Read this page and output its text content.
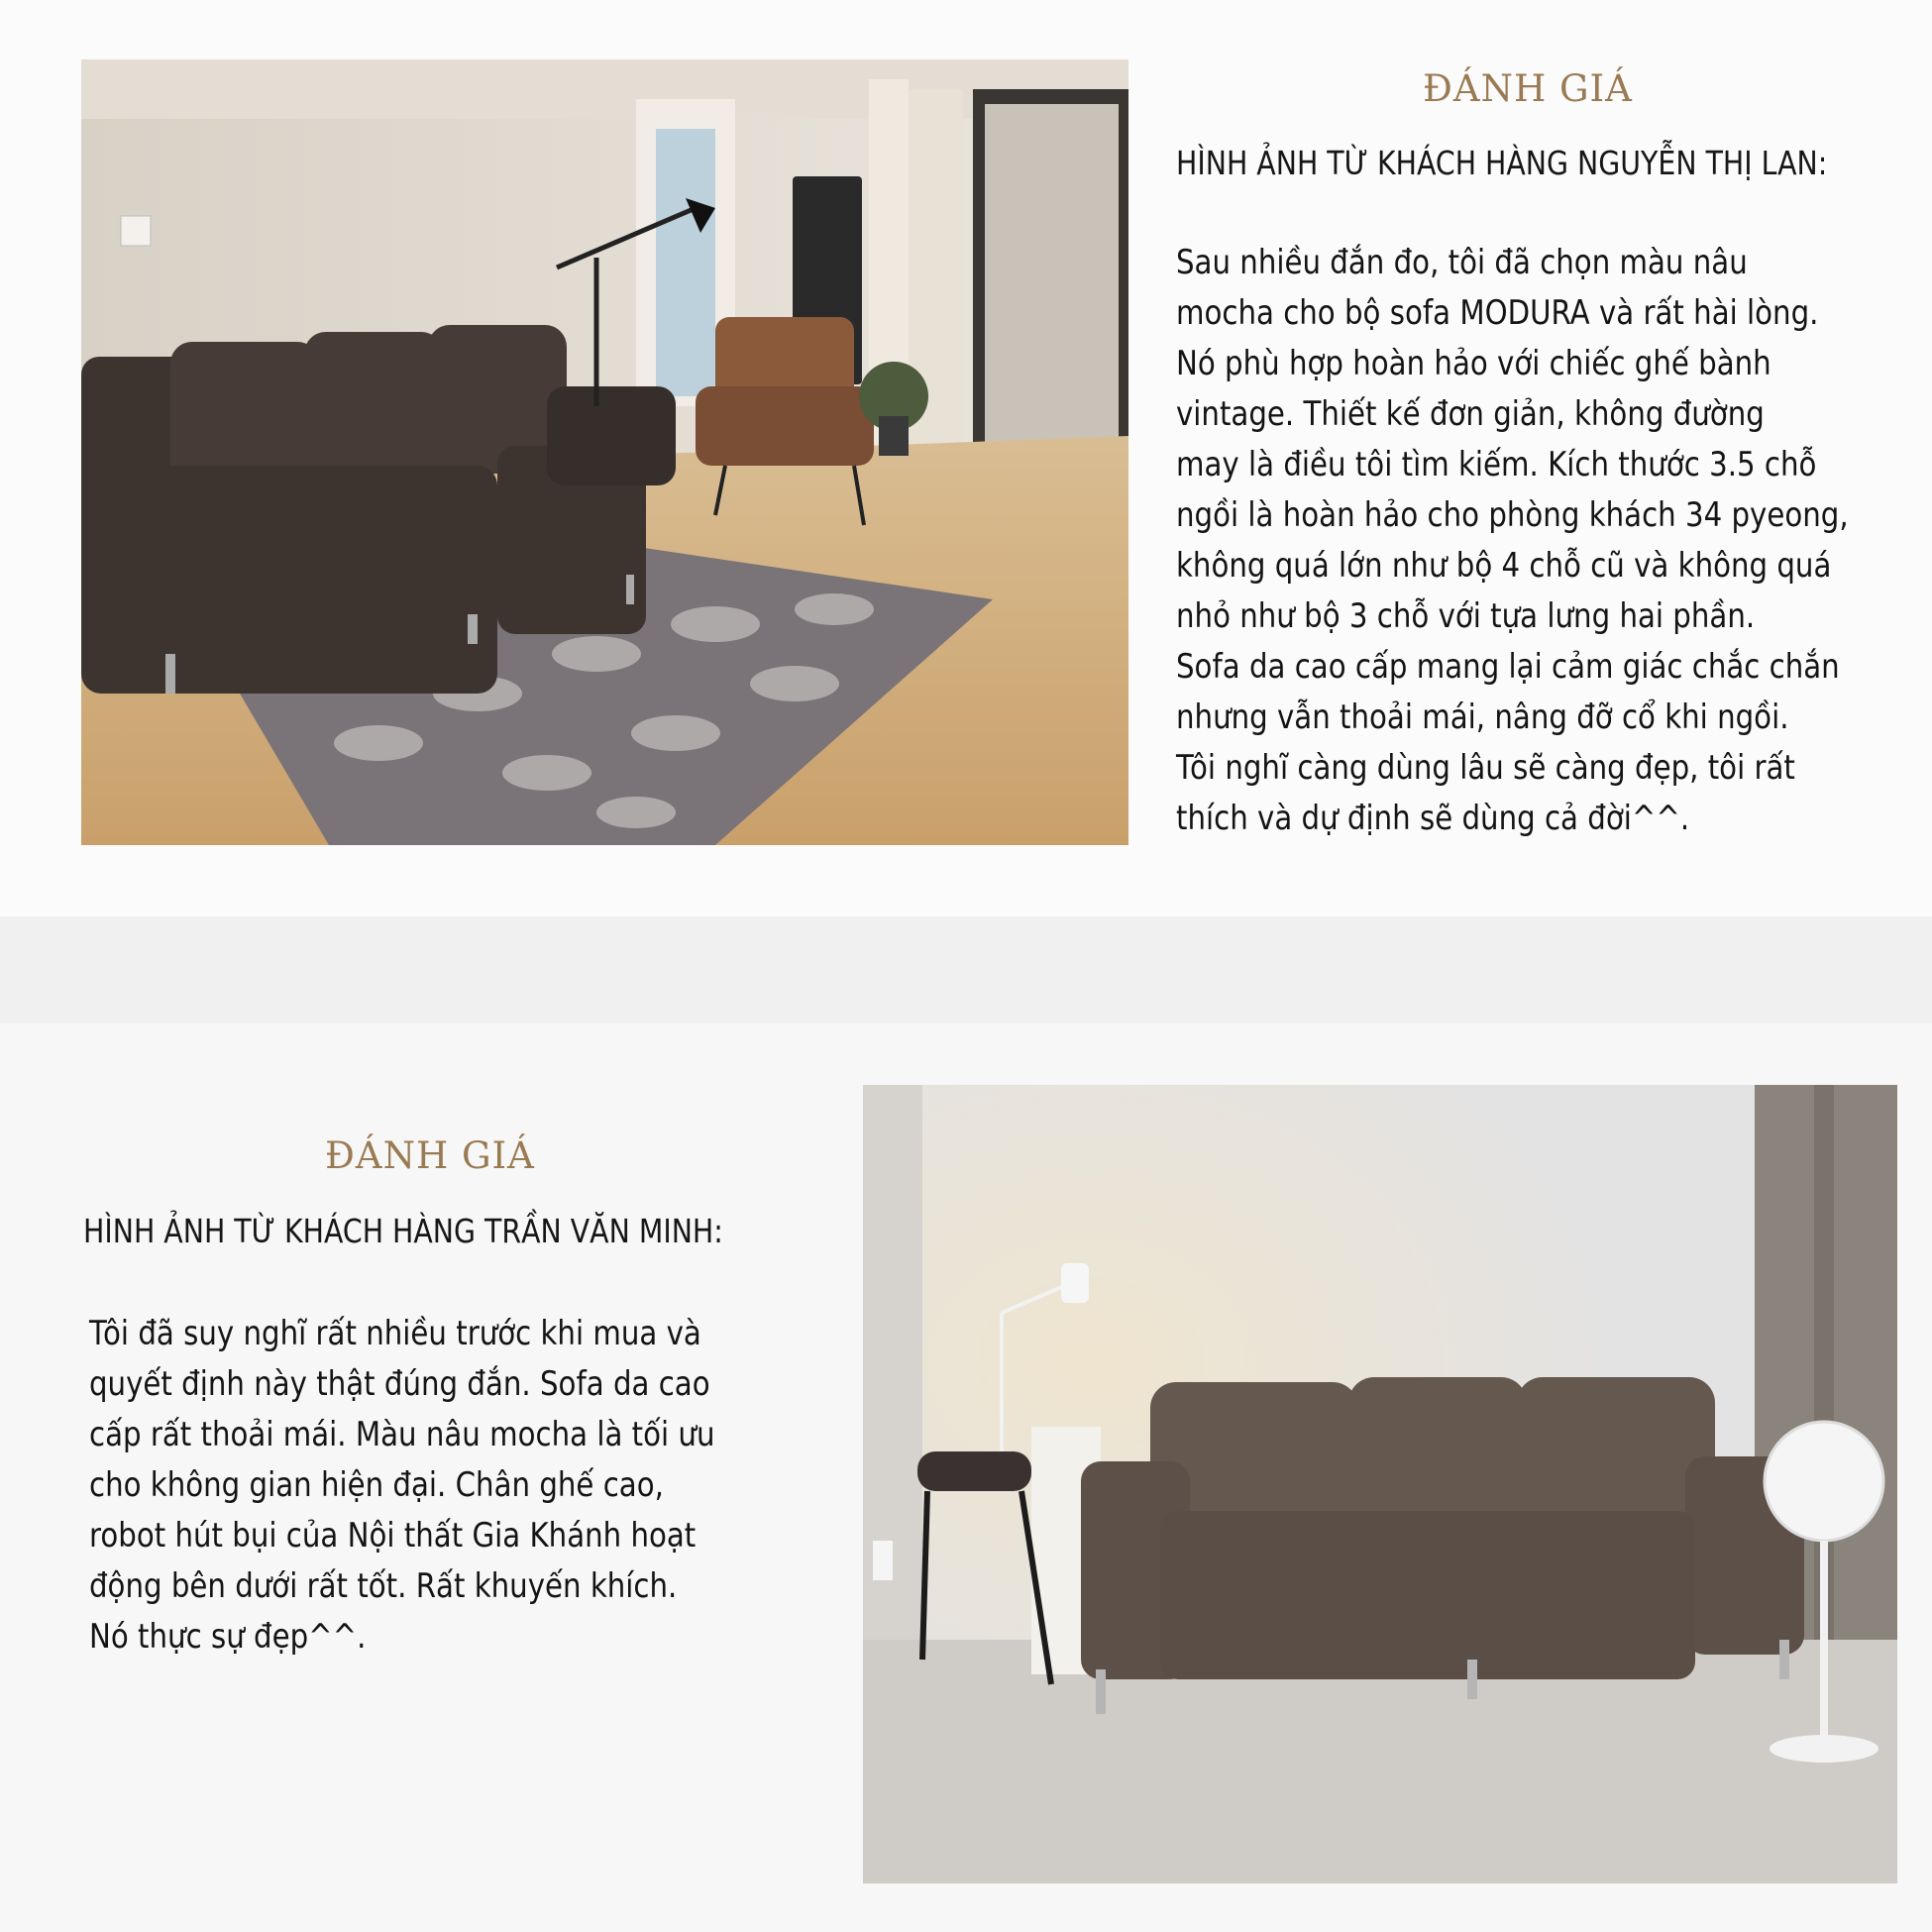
ĐÁNH GIÁ
HÌNH ẢNH TỪ KHÁCH HÀNG NGUYỄN THỊ LAN:
Sau nhiều đắn đo, tôi đã chọn màu nâu
mocha cho bộ sofa MODURA và rất hài lòng.
Nó phù hợp hoàn hảo với chiếc ghế bành
vintage. Thiết kế đơn giản, không đường
may là điều tôi tìm kiếm. Kích thước 3.5 chỗ
ngồi là hoàn hảo cho phòng khách 34 pyeong,
không quá lớn như bộ 4 chỗ cũ và không quá
nhỏ như bộ 3 chỗ với tựa lưng hai phần.
Sofa da cao cấp mang lại cảm giác chắc chắn
nhưng vẫn thoải mái, nâng đỡ cổ khi ngồi.
Tôi nghĩ càng dùng lâu sẽ càng đẹp, tôi rất
thích và dự định sẽ dùng cả đời^^.
ĐÁNH GIÁ
HÌNH ẢNH TỪ KHÁCH HÀNG TRẦN VĂN MINH:
Tôi đã suy nghĩ rất nhiều trước khi mua và
quyết định này thật đúng đắn. Sofa da cao
cấp rất thoải mái. Màu nâu mocha là tối ưu
cho không gian hiện đại. Chân ghế cao,
robot hút bụi của Nội thất Gia Khánh hoạt
động bên dưới rất tốt. Rất khuyến khích.
Nó thực sự đẹp^^.
